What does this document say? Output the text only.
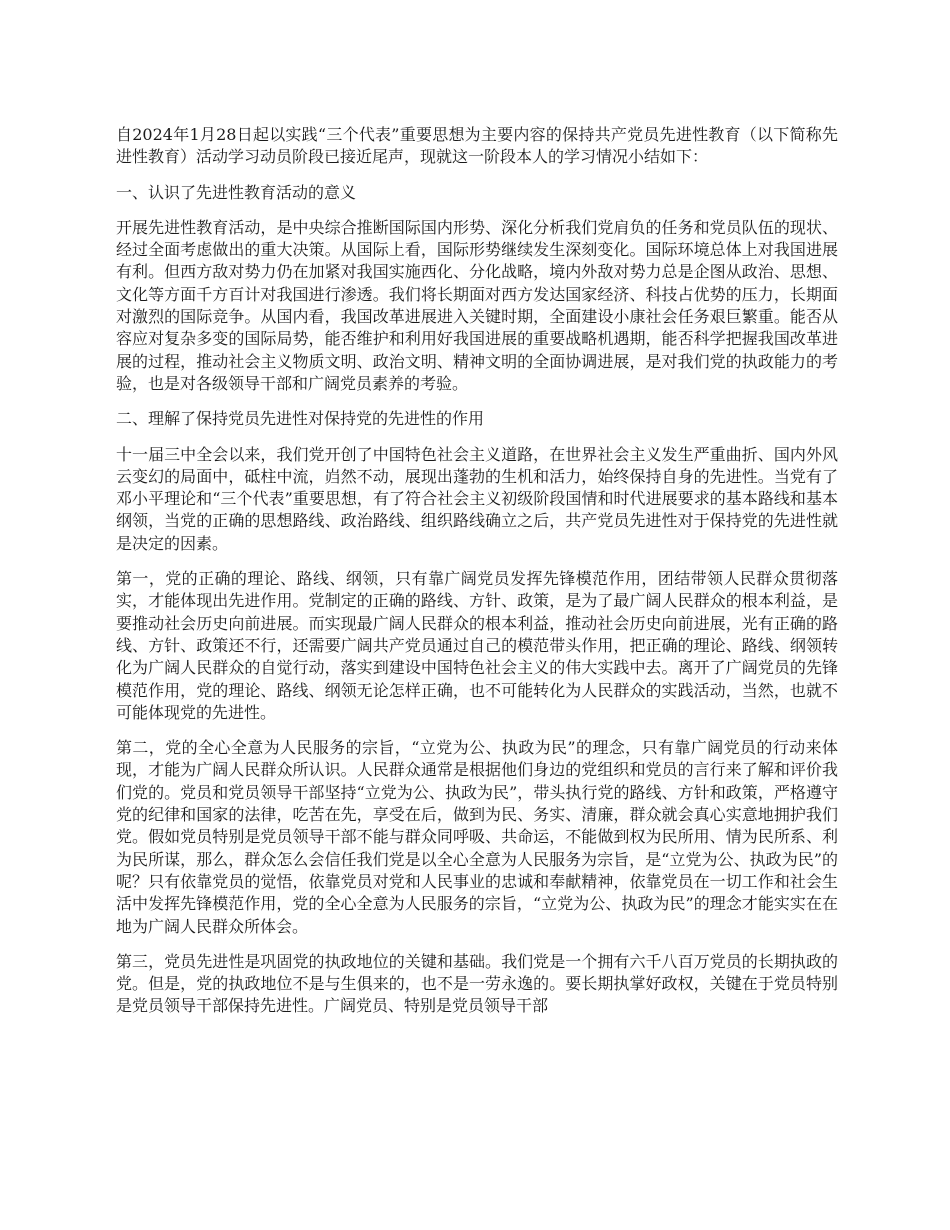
自2024年1月28日起以实践“三个代表”重要思想为主要内容的保持共产党员先进性教育（以下简称先进性教育）活动学习动员阶段已接近尾声，现就这一阶段本人的学习情况小结如下：

一、认识了先进性教育活动的意义

开展先进性教育活动，是中央综合推断国际国内形势、深化分析我们党肩负的任务和党员队伍的现状、经过全面考虑做出的重大决策。从国际上看，国际形势继续发生深刻变化。国际环境总体上对我国进展有利。但西方敌对势力仍在加紧对我国实施西化、分化战略，境内外敌对势力总是企图从政治、思想、文化等方面千方百计对我国进行渗透。我们将长期面对西方发达国家经济、科技占优势的压力，长期面对激烈的国际竞争。从国内看，我国改革进展进入关键时期，全面建设小康社会任务艰巨繁重。能否从容应对复杂多变的国际局势，能否维护和利用好我国进展的重要战略机遇期，能否科学把握我国改革进展的过程，推动社会主义物质文明、政治文明、精神文明的全面协调进展，是对我们党的执政能力的考验，也是对各级领导干部和广阔党员素养的考验。

二、理解了保持党员先进性对保持党的先进性的作用

十一届三中全会以来，我们党开创了中国特色社会主义道路，在世界社会主义发生严重曲折、国内外风云变幻的局面中，砥柱中流，岿然不动，展现出蓬勃的生机和活力，始终保持自身的先进性。当党有了邓小平理论和“三个代表”重要思想，有了符合社会主义初级阶段国情和时代进展要求的基本路线和基本纲领，当党的正确的思想路线、政治路线、组织路线确立之后，共产党员先进性对于保持党的先进性就是决定的因素。

第一，党的正确的理论、路线、纲领，只有靠广阔党员发挥先锋模范作用，团结带领人民群众贯彻落实，才能体现出先进作用。党制定的正确的路线、方针、政策，是为了最广阔人民群众的根本利益，是要推动社会历史向前进展。而实现最广阔人民群众的根本利益，推动社会历史向前进展，光有正确的路线、方针、政策还不行，还需要广阔共产党员通过自己的模范带头作用，把正确的理论、路线、纲领转化为广阔人民群众的自觉行动，落实到建设中国特色社会主义的伟大实践中去。离开了广阔党员的先锋模范作用，党的理论、路线、纲领无论怎样正确，也不可能转化为人民群众的实践活动，当然，也就不可能体现党的先进性。

第二，党的全心全意为人民服务的宗旨，“立党为公、执政为民”的理念，只有靠广阔党员的行动来体现，才能为广阔人民群众所认识。人民群众通常是根据他们身边的党组织和党员的言行来了解和评价我们党的。党员和党员领导干部坚持“立党为公、执政为民”，带头执行党的路线、方针和政策，严格遵守党的纪律和国家的法律，吃苦在先，享受在后，做到为民、务实、清廉，群众就会真心实意地拥护我们党。假如党员特别是党员领导干部不能与群众同呼吸、共命运，不能做到权为民所用、情为民所系、利为民所谋，那么，群众怎么会信任我们党是以全心全意为人民服务为宗旨，是“立党为公、执政为民”的呢？只有依靠党员的觉悟，依靠党员对党和人民事业的忠诚和奉献精神，依靠党员在一切工作和社会生活中发挥先锋模范作用，党的全心全意为人民服务的宗旨，“立党为公、执政为民”的理念才能实实在在地为广阔人民群众所体会。

第三，党员先进性是巩固党的执政地位的关键和基础。我们党是一个拥有六千八百万党员的长期执政的党。但是，党的执政地位不是与生俱来的，也不是一劳永逸的。要长期执掌好政权，关键在于党员特别是党员领导干部保持先进性。广阔党员、特别是党员领导干部
